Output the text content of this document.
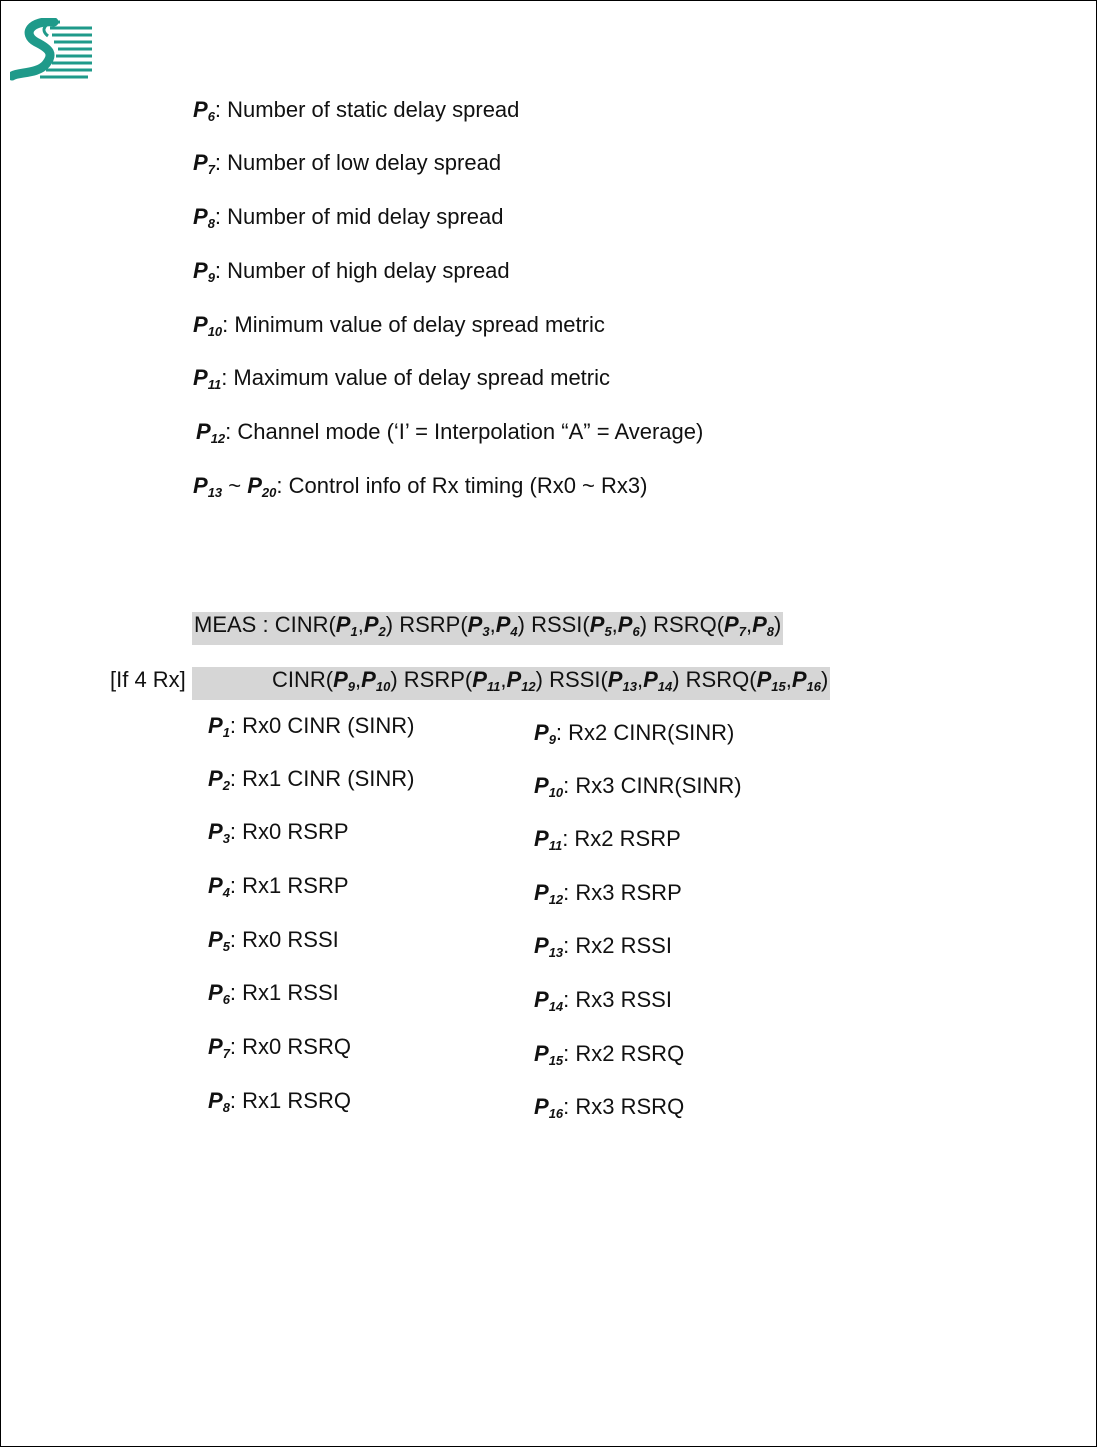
$P_6$: Number of static delay spread
$P_7$: Number of low delay spread
$P_8$: Number of mid delay spread
$P_9$: Number of high delay spread
$P_{10}$: Minimum value of delay spread metric
$P_{11}$: Maximum value of delay spread metric
$P_{12}$: Channel mode (‘I’ = Interpolation “A” = Average)
$P_{13}$ ~ $P_{20}$: Control info of Rx timing (Rx0 ~ Rx3)
MEAS : $CINR(P_1,P_2)$ $RSRP(P_3,P_4)$ $RSSI(P_5,P_6)$ $RSRQ(P_7,P_8)$
[If 4 Rx]	$CINR(P_9,P_{10})$ $RSRP(P_{11},P_{12})$ $RSSI(P_{13},P_{14})$ $RSRQ(P_{15},P_{16})$
$P_1$: Rx0 CINR (SINR)
$P_2$: Rx1 CINR (SINR)
$P_3$: Rx0 RSRP
$P_4$: Rx1 RSRP
$P_5$: Rx0 RSSI
$P_6$: Rx1 RSSI
$P_7$: Rx0 RSRQ
$P_8$: Rx1 RSRQ
$P_9$: Rx2 CINR(SINR)
$P_{10}$: Rx3 CINR(SINR)
$P_{11}$: Rx2 RSRP
$P_{12}$: Rx3 RSRP
$P_{13}$: Rx2 RSSI
$P_{14}$: Rx3 RSSI
$P_{15}$: Rx2 RSRQ
$P_{16}$: Rx3 RSRQ
